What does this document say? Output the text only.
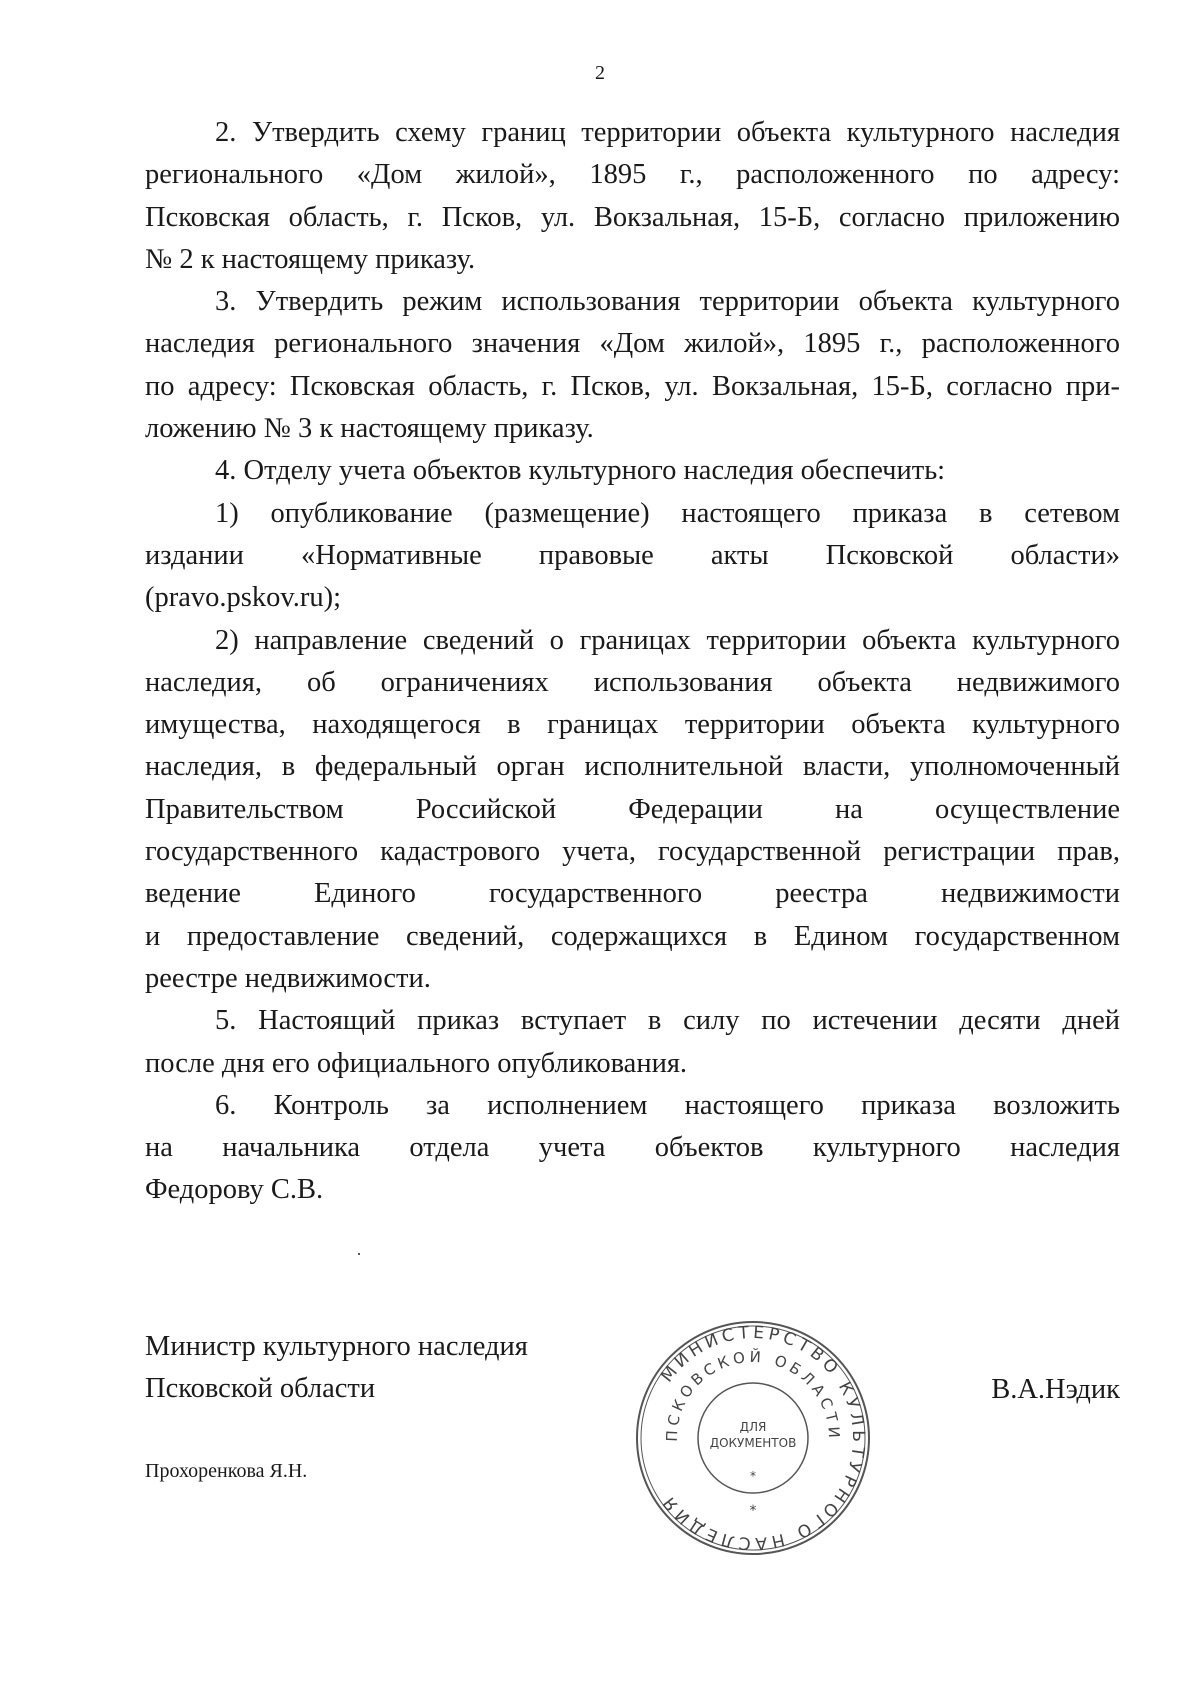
2

2. Утвердить схему границ территории объекта культурного наследия

регионального «Дом жилой», 1895 г., расположенного по адресу:

Псковская область, г. Псков, ул. Вокзальная, 15-Б, согласно приложению

№ 2 к настоящему приказу.

3. Утвердить режим использования территории объекта культурного

наследия регионального значения «Дом жилой», 1895 г., расположенного

по адресу: Псковская область, г. Псков, ул. Вокзальная, 15-Б, согласно при-

ложению № 3 к настоящему приказу.

4. Отделу учета объектов культурного наследия обеспечить:

1) опубликование (размещение) настоящего приказа в сетевом

издании «Нормативные правовые акты Псковской области»

(pravo.pskov.ru);

2) направление сведений о границах территории объекта культурного

наследия, об ограничениях использования объекта недвижимого

имущества, находящегося в границах территории объекта культурного

наследия, в федеральный орган исполнительной власти, уполномоченный

Правительством Российской Федерации на осуществление

государственного кадастрового учета, государственной регистрации прав,

ведение Единого государственного реестра недвижимости

и предоставление сведений, содержащихся в Едином государственном

реестре недвижимости.

5. Настоящий приказ вступает в силу по истечении десяти дней

после дня его официального опубликования.

6. Контроль за исполнением настоящего приказа возложить

на начальника отдела учета объектов культурного наследия

Федорову С.В.

Министр культурного наследия
Псковской области	В.А.Нэдик
Прохоренкова Я.Н.
МИНИСТЕРСТВО КУЛЬТУРНОГО НАСЛЕДИЯ
ПСКОВСКОЙ ОБЛАСТИ
ДЛЯ
ДОКУМЕНТОВ
*
*
